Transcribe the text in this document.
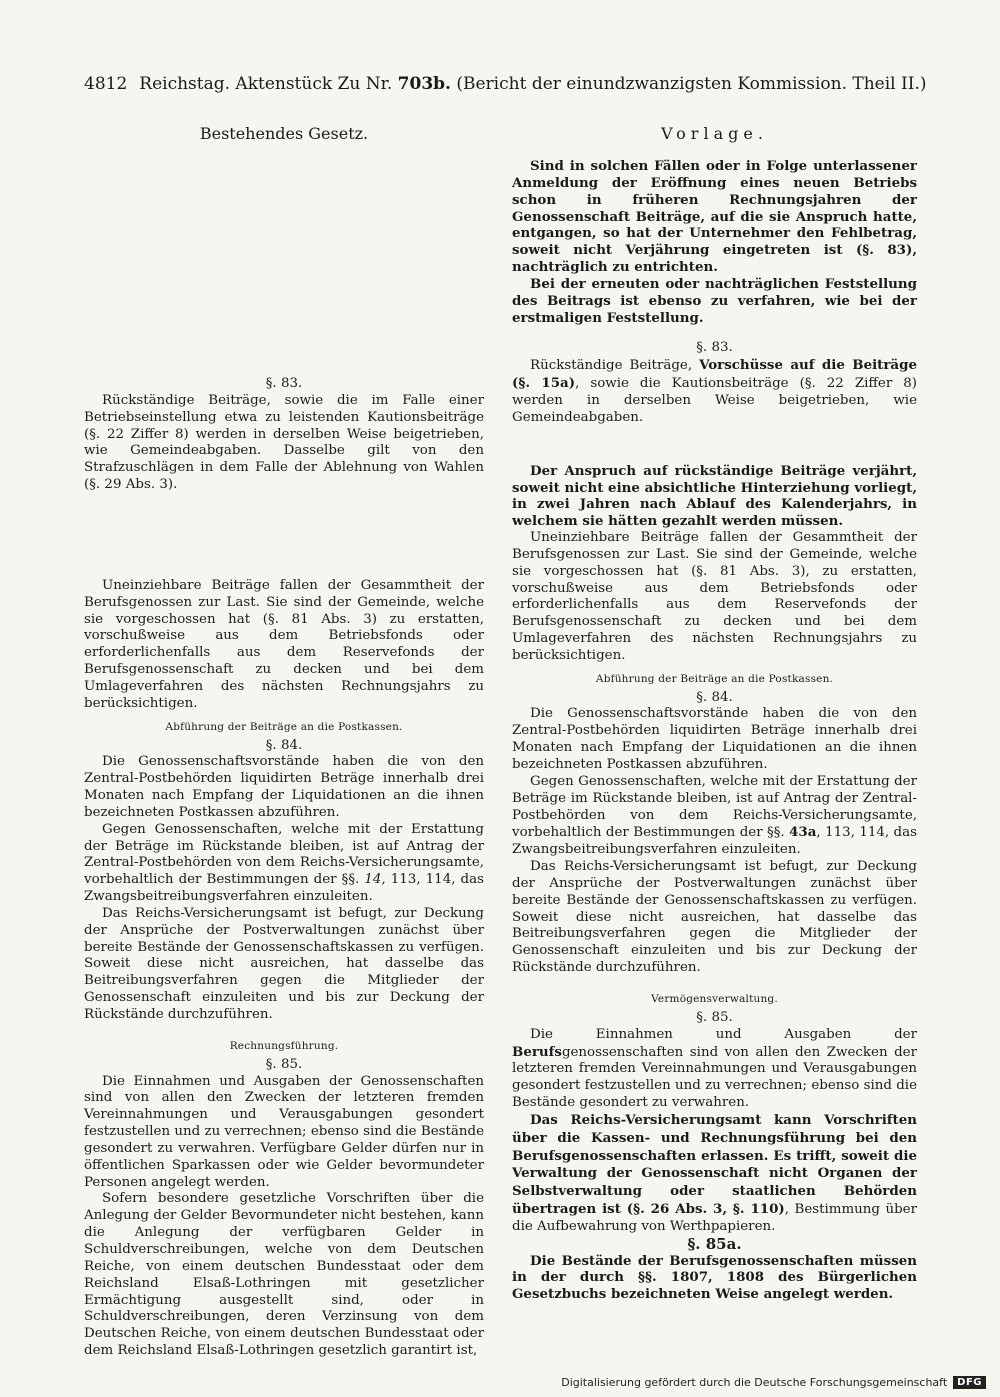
4812 Reichstag. Aktenstück Zu Nr. 703b. (Bericht der einundzwanzigsten Kommission. Theil II.)
Bestehendes Gesetz.

§. 83.

Rückständige Beiträge, sowie die im Falle einer Betriebseinstellung etwa zu leistenden Kautionsbeiträge (§. 22 Ziffer 8) werden in derselben Weise beigetrieben, wie Gemeindeabgaben. Dasselbe gilt von den Strafzuschlägen in dem Falle der Ablehnung von Wahlen (§. 29 Abs. 3).

Uneinziehbare Beiträge fallen der Gesammtheit der Berufsgenossen zur Last. Sie sind der Gemeinde, welche sie vorgeschossen hat (§. 81 Abs. 3) zu erstatten, vorschußweise aus dem Betriebsfonds oder erforderlichenfalls aus dem Reservefonds der Berufsgenossenschaft zu decken und bei dem Umlageverfahren des nächsten Rechnungsjahrs zu berücksichtigen.

Abführung der Beiträge an die Postkassen.

§. 84.

Die Genossenschaftsvorstände haben die von den Zentral-Postbehörden liquidirten Beträge innerhalb drei Monaten nach Empfang der Liquidationen an die ihnen bezeichneten Postkassen abzuführen.

Gegen Genossenschaften, welche mit der Erstattung der Beträge im Rückstande bleiben, ist auf Antrag der Zentral-Postbehörden von dem Reichs-Versicherungsamte, vorbehaltlich der Bestimmungen der §§. 14, 113, 114, das Zwangsbeitreibungsverfahren einzuleiten.

Das Reichs-Versicherungsamt ist befugt, zur Deckung der Ansprüche der Postverwaltungen zunächst über bereite Bestände der Genossenschaftskassen zu verfügen. Soweit diese nicht ausreichen, hat dasselbe das Beitreibungsverfahren gegen die Mitglieder der Genossenschaft einzuleiten und bis zur Deckung der Rückstände durchzuführen.

Rechnungsführung.

§. 85.

Die Einnahmen und Ausgaben der Genossenschaften sind von allen den Zwecken der letzteren fremden Vereinnahmungen und Verausgabungen gesondert festzustellen und zu verrechnen; ebenso sind die Bestände gesondert zu verwahren. Verfügbare Gelder dürfen nur in öffentlichen Sparkassen oder wie Gelder bevormundeter Personen angelegt werden.

Sofern besondere gesetzliche Vorschriften über die Anlegung der Gelder Bevormundeter nicht bestehen, kann die Anlegung der verfügbaren Gelder in Schuldverschreibungen, welche von dem Deutschen Reiche, von einem deutschen Bundesstaat oder dem Reichsland Elsaß-Lothringen mit gesetzlicher Ermächtigung ausgestellt sind, oder in Schuldverschreibungen, deren Verzinsung von dem Deutschen Reiche, von einem deutschen Bundesstaat oder dem Reichsland Elsaß-Lothringen gesetzlich garantirt ist,

Vorlage.

Sind in solchen Fällen oder in Folge unterlassener Anmeldung der Eröffnung eines neuen Betriebs schon in früheren Rechnungsjahren der Genossenschaft Beiträge, auf die sie Anspruch hatte, entgangen, so hat der Unternehmer den Fehlbetrag, soweit nicht Verjährung eingetreten ist (§. 83), nachträglich zu entrichten.

Bei der erneuten oder nachträglichen Feststellung des Beitrags ist ebenso zu verfahren, wie bei der erstmaligen Feststellung.

§. 83.

Rückständige Beiträge, Vorschüsse auf die Beiträge (§. 15a), sowie die Kautionsbeiträge (§. 22 Ziffer 8) werden in derselben Weise beigetrieben, wie Gemeindeabgaben.

Der Anspruch auf rückständige Beiträge verjährt, soweit nicht eine absichtliche Hinterziehung vorliegt, in zwei Jahren nach Ablauf des Kalenderjahrs, in welchem sie hätten gezahlt werden müssen.

Uneinziehbare Beiträge fallen der Gesammtheit der Berufsgenossen zur Last. Sie sind der Gemeinde, welche sie vorgeschossen hat (§. 81 Abs. 3), zu erstatten, vorschußweise aus dem Betriebsfonds oder erforderlichenfalls aus dem Reservefonds der Berufsgenossenschaft zu decken und bei dem Umlageverfahren des nächsten Rechnungsjahrs zu berücksichtigen.

Abführung der Beiträge an die Postkassen.

§. 84.

Die Genossenschaftsvorstände haben die von den Zentral-Postbehörden liquidirten Beträge innerhalb drei Monaten nach Empfang der Liquidationen an die ihnen bezeichneten Postkassen abzuführen.

Gegen Genossenschaften, welche mit der Erstattung der Beträge im Rückstande bleiben, ist auf Antrag der Zentral-Postbehörden von dem Reichs-Versicherungsamte, vorbehaltlich der Bestimmungen der §§. 43a, 113, 114, das Zwangsbeitreibungsverfahren einzuleiten.

Das Reichs-Versicherungsamt ist befugt, zur Deckung der Ansprüche der Postverwaltungen zunächst über bereite Bestände der Genossenschaftskassen zu verfügen. Soweit diese nicht ausreichen, hat dasselbe das Beitreibungsverfahren gegen die Mitglieder der Genossenschaft einzuleiten und bis zur Deckung der Rückstände durchzuführen.

Vermögensverwaltung.

§. 85.

Die Einnahmen und Ausgaben der Berufsgenossenschaften sind von allen den Zwecken der letzteren fremden Vereinnahmungen und Verausgabungen gesondert festzustellen und zu verrechnen; ebenso sind die Bestände gesondert zu verwahren.

Das Reichs-Versicherungsamt kann Vorschriften über die Kassen- und Rechnungsführung bei den Berufsgenossenschaften erlassen. Es trifft, soweit die Verwaltung der Genossenschaft nicht Organen der Selbstverwaltung oder staatlichen Behörden übertragen ist (§. 26 Abs. 3, §. 110), Bestimmung über die Aufbewahrung von Werthpapieren.

§. 85a.

Die Bestände der Berufsgenossenschaften müssen in der durch §§. 1807, 1808 des Bürgerlichen Gesetzbuchs bezeichneten Weise angelegt werden.

Digitalisierung gefördert durch die Deutsche Forschungsgemeinschaft	DFG
